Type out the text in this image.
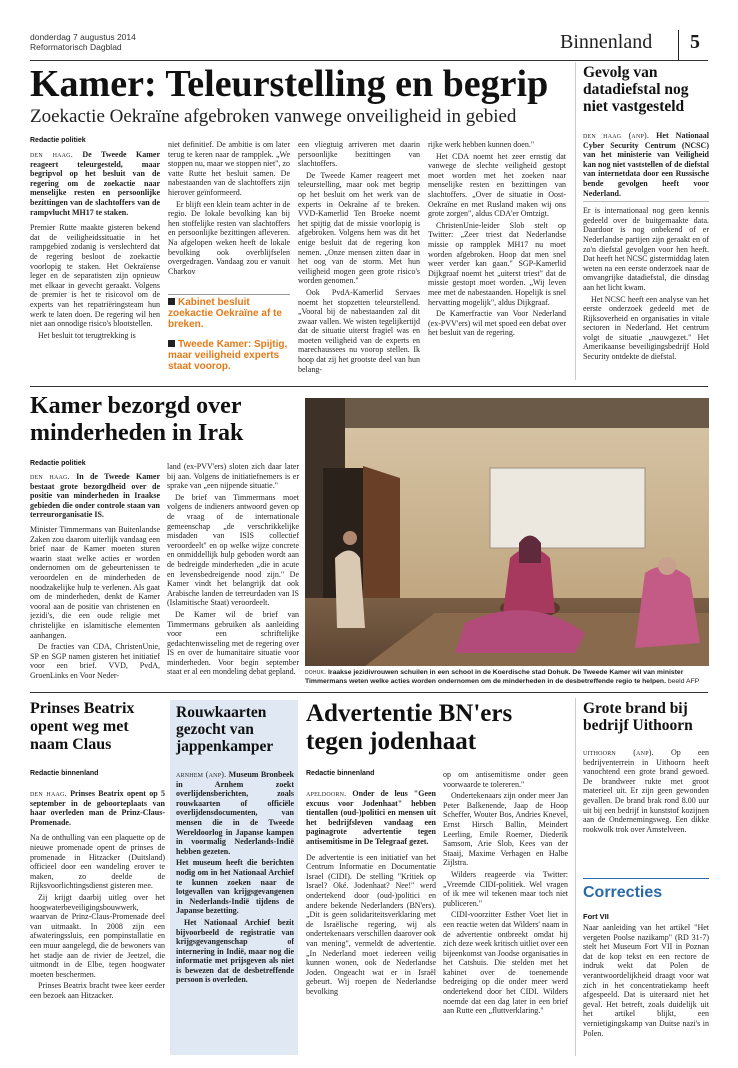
donderdag 7 augustus 2014
Reformatorisch Dagblad	Binnenland 5
Kamer: Teleurstelling en begrip
Zoekactie Oekraïne afgebroken vanwege onveiligheid in gebied
Redactie politiek

den haag. De Tweede Kamer reageert teleurgesteld, maar begripvol op het besluit van de regering om de zoekactie naar menselijke resten en persoonlijke bezittingen van de slachtoffers van de rampvlucht MH17 te staken.

Premier Rutte maakte gisteren bekend dat de veiligheidssituatie in het rampgebied zodanig is verslechterd dat de regering besloot de zoekactie voorlopig te staken. Het Oekraïense leger en de separatisten zijn opnieuw met elkaar in gevecht geraakt. Volgens de premier is het te risicovol om de experts van het repatriëringsteam hun werk te laten doen. De regering wil hen niet aan onnodige risico's blootstellen.

Het besluit tot terugtrekking is

niet definitief. De ambitie is om later terug te keren naar de rampplek. „We stoppen nu, maar we stoppen niet", zo vatte Rutte het besluit samen. De nabestaanden van de slachtoffers zijn hierover geïnformeerd.

Er blijft een klein team achter in de regio. De lokale bevolking kan bij hen stoffelijke resten van slachtoffers en persoonlijke bezittingen afleveren. Na afgelopen weken heeft de lokale bevolking ook overblijfselen overgedragen. Vandaag zou er vanuit Charkov

Kabinet besluit zoekactie Oekraïne af te breken.
Tweede Kamer: Spijtig, maar veiligheid experts staat voorop.

een vliegtuig arriveren met daarin persoonlijke bezittingen van slachtoffers.

De Tweede Kamer reageert met teleurstelling, maar ook met begrip op het besluit om het werk van de experts in Oekraïne af te breken. VVD-Kamerlid Ten Broeke noemt het spijtig dat de missie voorlopig is afgebroken. Volgens hem was dit het enige besluit dat de regering kon nemen. „Onze mensen zitten daar in het oog van de storm. Met hun veiligheid mogen geen grote risico's worden genomen."

Ook PvdA-Kamerlid Servaes noemt het stopzetten teleurstellend. „Vooral bij de nabestaanden zal dit zwaar vallen. We wisten tegelijkertijd dat de situatie uiterst fragiel was en moeten veiligheid van de experts en marechaussees nu voorop stellen. Ik hoop dat zij het grootste deel van hun belang-

rijke werk hebben kunnen doen."

Het CDA noemt het zeer ernstig dat vanwege de slechte veiligheid gestopt moet worden met het zoeken naar menselijke resten en bezittingen van slachtoffers. „Over de situatie in Oost-Oekraïne en met Rusland maken wij ons grote zorgen", aldus CDA'er Omtzigt.

ChristenUnie-leider Slob stelt op Twitter: „Zeer triest dat Nederlandse missie op rampplek MH17 nu moet worden afgebroken. Hoop dat men snel weer verder kan gaan." SGP-Kamerlid Dijkgraaf noemt het „uiterst triest" dat de missie gestopt moet worden. „Wij leven mee met de nabestaanden. Hopelijk is snel hervatting mogelijk", aldus Dijkgraaf.

De Kamerfractie van Voor Nederland (ex-PVV'ers) wil met spoed een debat over het besluit van de regering.

Gevolg van datadiefstal nog niet vastgesteld

den haag (anp). Het Nationaal Cyber Security Centrum (NCSC) van het ministerie van Veiligheid kan nog niet vaststellen of de diefstal van internetdata door een Russische bende gevolgen heeft voor Nederland.

Er is internationaal nog geen kennis gedeeld over de buitgemaakte data. Daardoor is nog onbekend of er Nederlandse partijen zijn geraakt en of zo'n diefstal gevolgen voor hen heeft. Dat heeft het NCSC gistermiddag laten weten na een eerste onderzoek naar de omvangrijke datadiefstal, die dinsdag aan het licht kwam.

Het NCSC heeft een analyse van het eerste onderzoek gedeeld met de Rijksoverheid en organisaties in vitale sectoren in Nederland. Het centrum volgt de situatie „nauwgezet." Het Amerikaanse beveiligingsbedrijf Hold Security ontdekte de diefstal.

Kamer bezorgd over minderheden in Irak
Redactie politiek

den haag. In de Tweede Kamer bestaat grote bezorgdheid over de positie van minderheden in Iraakse gebieden die onder controle staan van terreurorganisatie IS.

Minister Timmermans van Buitenlandse Zaken zou daarom uiterlijk vandaag een brief naar de Kamer moeten sturen waarin staat welke acties er worden ondernomen om de gebeurtenissen te veroordelen en de minderheden de noodzakelijke hulp te verlenen. Als gaat om de minderheden, denkt de Kamer vooral aan de positie van christenen en jezidi's, die een oude religie met christelijke en islamitische elementen aanhangen.

De fracties van CDA, ChristenUnie, SP en SGP namen gisteren het initiatief voor een brief. VVD, PvdA, GroenLinks en Voor Neder-

land (ex-PVV'ers) sloten zich daar later bij aan. Volgens de initiatiefnemers is er sprake van „een nijpende situatie."

De brief van Timmermans moet volgens de indieners antwoord geven op de vraag of de internationale gemeenschap „de verschrikkelijke misdaden van ISIS collectief veroordeelt" en op welke wijze concrete en onmiddellijk hulp geboden wordt aan de bedreigde minderheden „die in acute en levensbedreigende nood zijn." De Kamer vindt het belangrijk dat ook Arabische landen de terreurdaden van IS (Islamitische Staat) veroordeelt.

De Kamer wil de brief van Timmermans gebruiken als aanleiding voor een schriftelijke gedachtenwisseling met de regering over IS en over de humanitaire situatie voor minderheden. Voor begin september staat er al een mondeling debat gepland.	dohuk. Iraakse jezidivrouwen schuilen in een school in de Koerdische stad Dohuk. De Tweede Kamer wil van minister Timmermans weten welke acties worden ondernomen om de minderheden in de desbetreffende regio te helpen. beeld AFP
Prinses Beatrix opent weg met naam Claus
Redactie binnenland

den haag. Prinses Beatrix opent op 5 september in de geboorteplaats van haar overleden man de Prinz-Claus-Promenade.

Na de onthulling van een plaquette op de nieuwe promenade opent de prinses de promenade in Hitzacker (Duitsland) officieel door een wandeling erover te maken, zo deelde de Rijksvoorlichtingsdienst gisteren mee.

Zij krijgt daarbij uitleg over het hoogwaterbeveiligingsbouwwerk, waarvan de Prinz-Claus-Promenade deel van uitmaakt. In 2008 zijn een afwateringssluis, een pompinstallatie en een muur aangelegd, die de bewoners van het stadje aan de rivier de Jeetzel, die uitmondt in de Elbe, tegen hoogwater moeten beschermen.

Prinses Beatrix bracht twee keer eerder een bezoek aan Hitzacker.

Rouwkaarten gezocht van jappenkamper

arnhem (anp). Museum Bronbeek in Arnhem zoekt overlijdensberichten, zoals rouwkaarten of officiële overlijdensdocumenten, van mensen die in de Tweede Wereldoorlog in Japanse kampen in voormalig Nederlands-Indië hebben gezeten.

Het museum heeft die berichten nodig om in het Nationaal Archief te kunnen zoeken naar de lotgevallen van krijgsgevangenen in Nederlands-Indië tijdens de Japanse bezetting.

Het Nationaal Archief bezit bijvoorbeeld de registratie van krijgsgevangenschap of internering in Indië, maar nog die informatie met prijsgeven als niet is bewezen dat de desbetreffende persoon is overleden.

Advertentie BN'ers tegen jodenhaat
Redactie binnenland

apeldoorn. Onder de leus "Geen excuus voor Jodenhaat" hebben tientallen (oud-)politici en mensen uit het bedrijfsleven vandaag een paginagrote advertentie tegen antisemitisme in De Telegraaf gezet.

De advertentie is een initiatief van het Centrum Informatie en Documentatie Israel (CIDI). De stelling "Kritiek op Israel? Oké. Jodenhaat? Nee!" werd ondertekend door (oud-)politici en andere bekende Nederlanders (BN'ers). „Dit is geen solidariteitsverklaring met de Israëlische regering, wij als ondertekenaars verschillen daarover ook van mening", vermeldt de advertentie. „In Nederland moet iedereen veilig kunnen wonen, ook de Nederlandse Joden. Ongeacht wat er in Israël gebeurt. Wij roepen de Nederlandse bevolking

op om antisemitisme onder geen voorwaarde te tolereren."

Ondertekenaars zijn onder meer Jan Peter Balkenende, Jaap de Hoop Scheffer, Wouter Bos, Andries Knevel, Ernst Hirsch Ballin, Meindert Leerling, Emile Roemer, Diederik Samsom, Arie Slob, Kees van der Staaij, Maxime Verhagen en Halbe Zijlstra.

Wilders reageerde via Twitter: „Vreemde CIDI-politiek. Wel vragen of ik mee wil tekenen maar toch niet publiceren."

CIDI-voorzitter Esther Voet liet in een reactie weten dat Wilders' naam in de advertentie ontbreekt omdat hij zich deze week kritisch uitliet over een bijeenkomst van Joodse organisaties in het Catshuis. Die stelden met het kabinet over de toenemende bedreiging op die onder meer werd ondertekend door het CIDI. Wilders noemde dat een dag later in een brief aan Rutte een „fluttverklaring."

Grote brand bij bedrijf Uithoorn

uithoorn (anp). Op een bedrijventerrein in Uithoorn heeft vanochtend een grote brand gewoed. De brandweer rukte met groot materieel uit. Er zijn geen gewonden gevallen. De brand brak rond 8.00 uur uit bij een bedrijf in kunststof kozijnen aan de Ondernemingsweg. Een dikke rookwolk trok over Amstelveen.

Correcties
Fort VII
Naar aanleiding van het artikel "Het vergeten Poolse nazikamp" (RD 31-7) stelt het Museum Fort VII in Poznan dat de kop tekst en een rectore de indruk wekt dat Polen de verantwoordelijkheid draagt voor wat zich in het concentratiekamp heeft afgespeeld. Dat is uiteraard niet het geval. Het betreft, zoals duidelijk uit het artikel blijkt, een vernietigingskamp van Duitse nazi's in Polen.
